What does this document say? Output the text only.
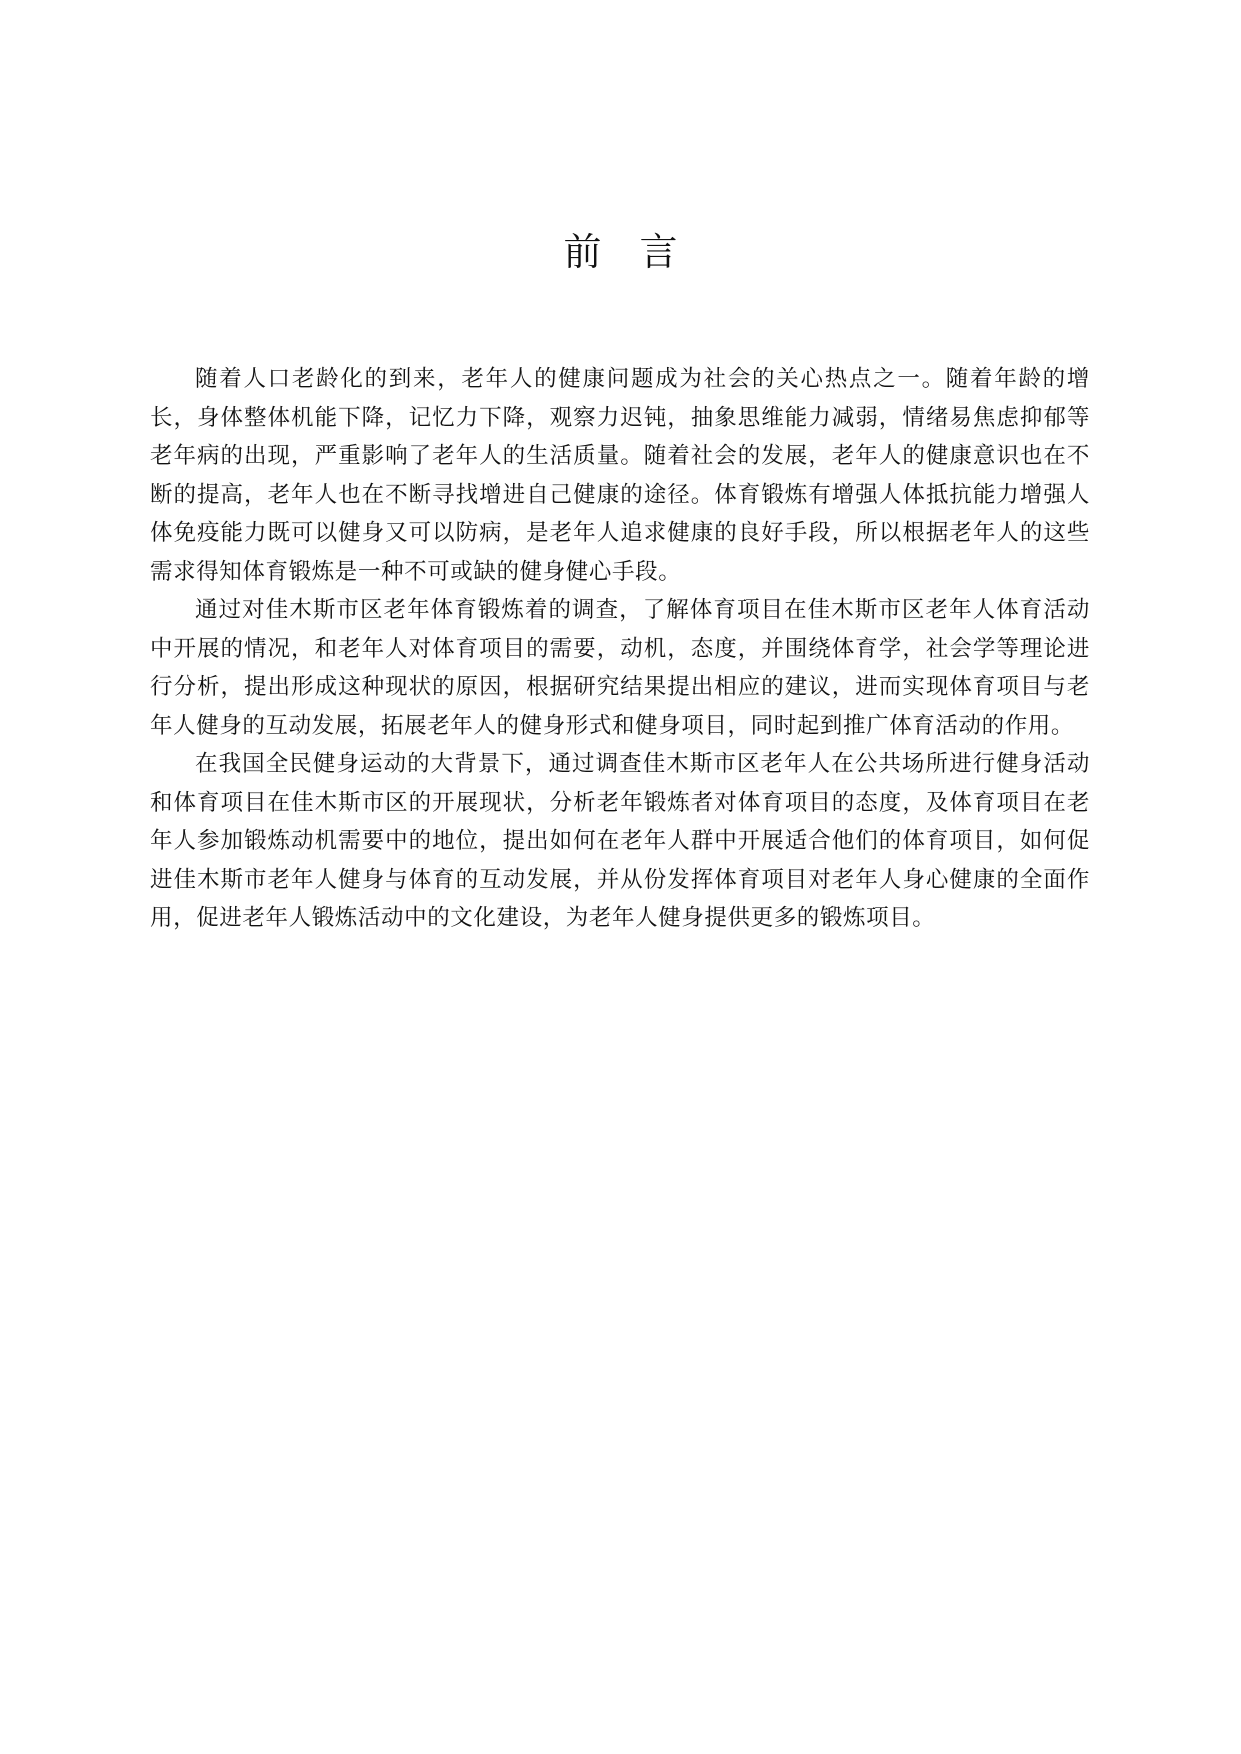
前 言

随着人口老龄化的到来，老年人的健康问题成为社会的关心热点之一。随着年龄的增长，身体整体机能下降，记忆力下降，观察力迟钝，抽象思维能力减弱，情绪易焦虑抑郁等老年病的出现，严重影响了老年人的生活质量。随着社会的发展，老年人的健康意识也在不断的提高，老年人也在不断寻找增进自己健康的途径。体育锻炼有增强人体抵抗能力增强人体免疫能力既可以健身又可以防病，是老年人追求健康的良好手段，所以根据老年人的这些需求得知体育锻炼是一种不可或缺的健身健心手段。

通过对佳木斯市区老年体育锻炼着的调查，了解体育项目在佳木斯市区老年人体育活动中开展的情况，和老年人对体育项目的需要，动机，态度，并围绕体育学，社会学等理论进行分析，提出形成这种现状的原因，根据研究结果提出相应的建议，进而实现体育项目与老年人健身的互动发展，拓展老年人的健身形式和健身项目，同时起到推广体育活动的作用。

在我国全民健身运动的大背景下，通过调查佳木斯市区老年人在公共场所进行健身活动和体育项目在佳木斯市区的开展现状，分析老年锻炼者对体育项目的态度，及体育项目在老年人参加锻炼动机需要中的地位，提出如何在老年人群中开展适合他们的体育项目，如何促进佳木斯市老年人健身与体育的互动发展，并从份发挥体育项目对老年人身心健康的全面作用，促进老年人锻炼活动中的文化建设，为老年人健身提供更多的锻炼项目。
